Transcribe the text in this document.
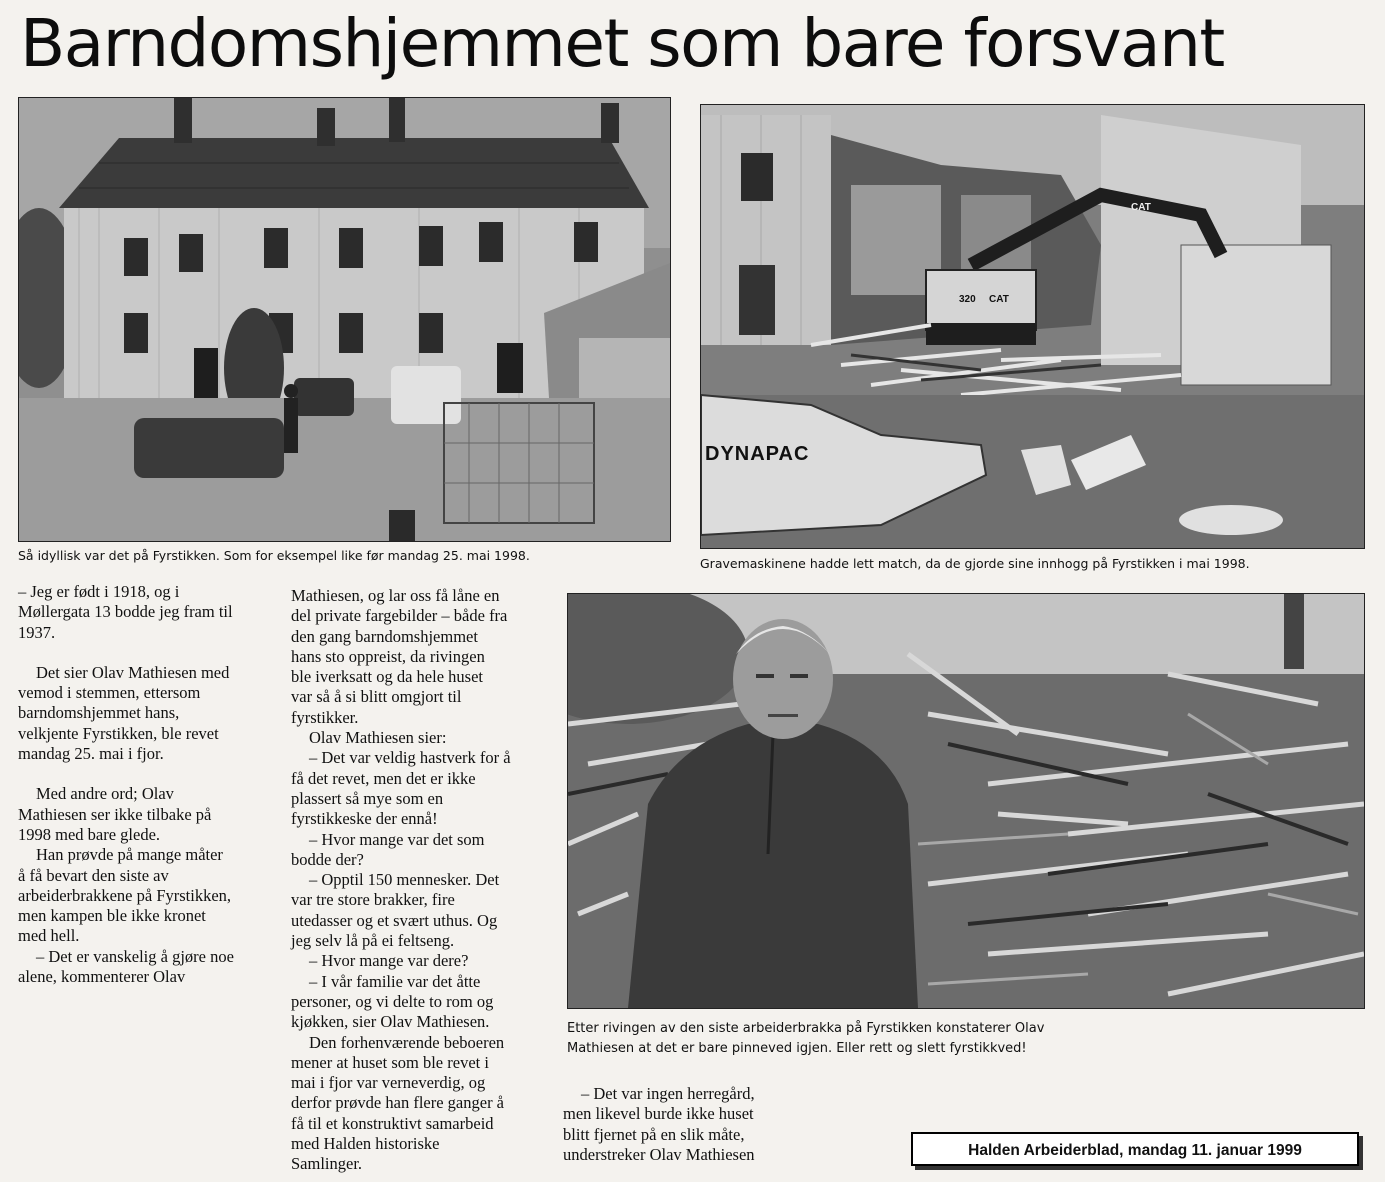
Barndomshjemmet som bare forsvant
Så idyllisk var det på Fyrstikken. Som for eksempel like før mandag 25. mai 1998.
320 CAT
CAT
DYNAPAC
Gravemaskinene hadde lett match, da de gjorde sine innhogg på Fyrstikken i mai 1998.
Etter rivingen av den siste arbeiderbrakka på Fyrstikken konstaterer Olav
Mathiesen at det er bare pinneved igjen. Eller rett og slett fyrstikkved!

– Jeg er født i 1918, og i

Møllergata 13 bodde jeg fram til

1937.

Det sier Olav Mathiesen med

vemod i stemmen, ettersom

barndomshjemmet hans,

velkjente Fyrstikken, ble revet

mandag 25. mai i fjor.

Med andre ord; Olav

Mathiesen ser ikke tilbake på

1998 med bare glede.

Han prøvde på mange måter

å få bevart den siste av

arbeiderbrakkene på Fyrstikken,

men kampen ble ikke kronet

med hell.

– Det er vanskelig å gjøre noe

alene, kommenterer Olav

Mathiesen, og lar oss få låne en

del private fargebilder – både fra

den gang barndomshjemmet

hans sto oppreist, da rivingen

ble iverksatt og da hele huset

var så å si blitt omgjort til

fyrstikker.

Olav Mathiesen sier:

– Det var veldig hastverk for å

få det revet, men det er ikke

plassert så mye som en

fyrstikkeske der ennå!

– Hvor mange var det som

bodde der?

– Opptil 150 mennesker. Det

var tre store brakker, fire

utedasser og et svært uthus. Og

jeg selv lå på ei feltseng.

– Hvor mange var dere?

– I vår familie var det åtte

personer, og vi delte to rom og

kjøkken, sier Olav Mathiesen.

Den forhenværende beboeren

mener at huset som ble revet i

mai i fjor var verneverdig, og

derfor prøvde han flere ganger å

få til et konstruktivt samarbeid

med Halden historiske

Samlinger.

– Det var ingen herregård,

men likevel burde ikke huset

blitt fjernet på en slik måte,

understreker Olav Mathiesen	Halden Arbeiderblad, mandag 11. januar 1999
